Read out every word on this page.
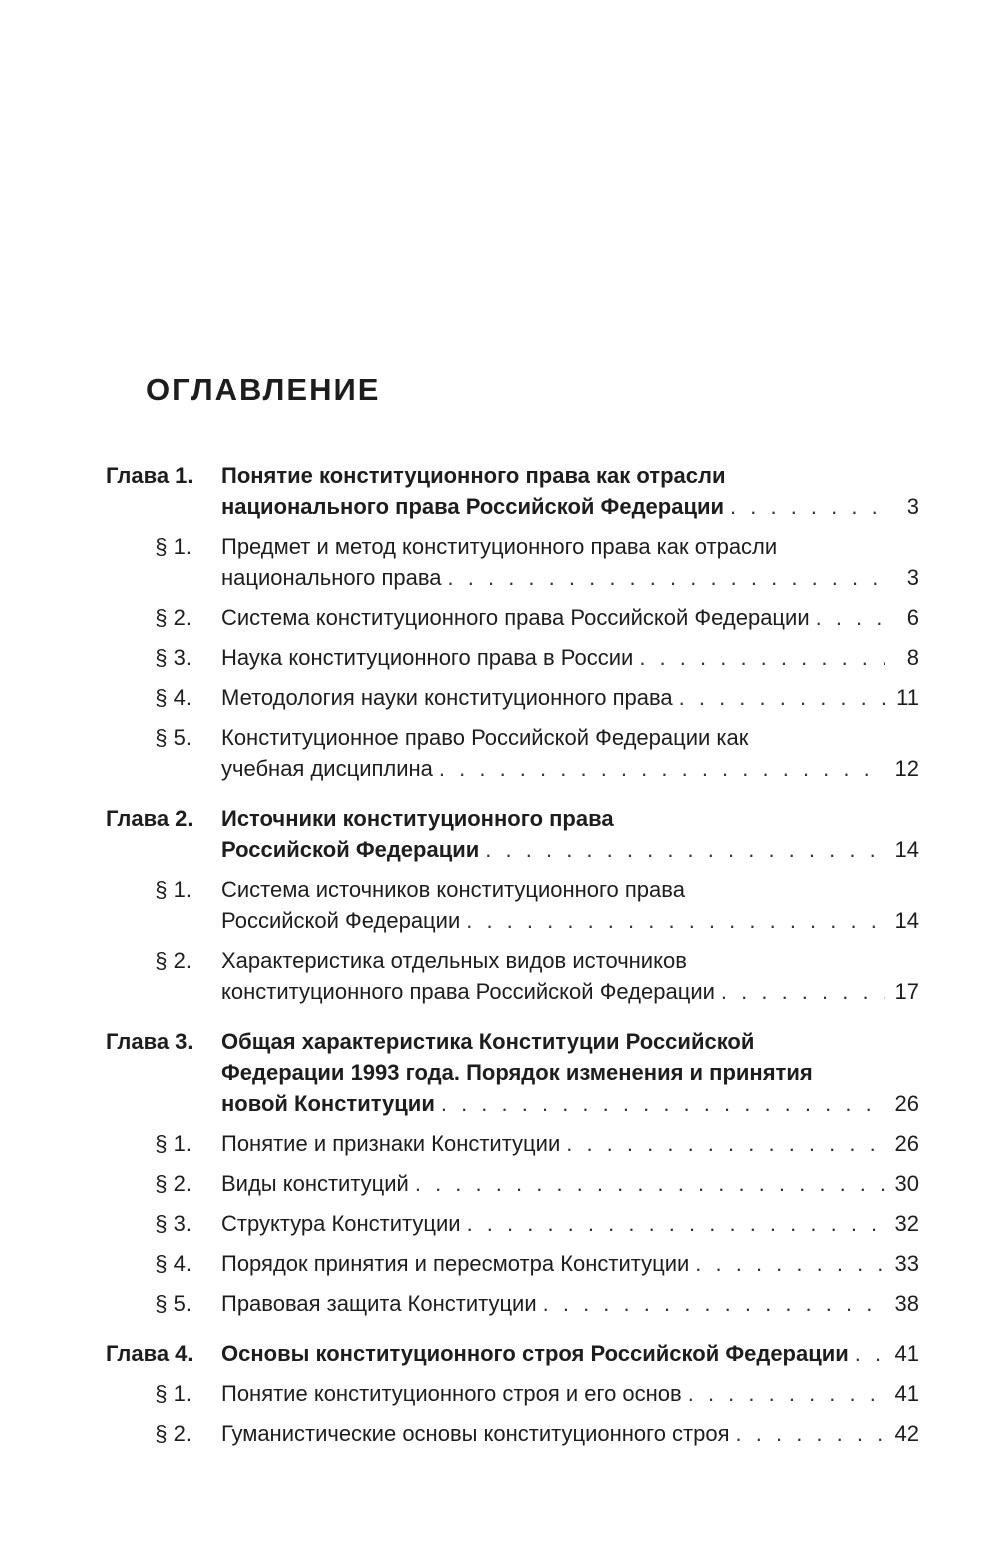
ОГЛАВЛЕНИЕ
Глава 1. Понятие конституционного права как отрасли
национального права Российской Федерации . . .	3
§ 1. Предмет и метод конституционного права как отрасли
национального права . . .	3
§ 2. Система конституционного права Российской Федерации . . .	6
§ 3. Наука конституционного права в России . . .	8
§ 4. Методология науки конституционного права . . .	11
§ 5. Конституционное право Российской Федерации как
учебная дисциплина . . .	12
Глава 2. Источники конституционного права
Российской Федерации . . .	14
§ 1. Система источников конституционного права
Российской Федерации . . .	14
§ 2. Характеристика отдельных видов источников
конституционного права Российской Федерации . . .	17
Глава 3. Общая характеристика Конституции Российской
Федерации 1993 года. Порядок изменения и принятия
новой Конституции . . .	26
§ 1. Понятие и признаки Конституции . . .	26
§ 2. Виды конституций . . .	30
§ 3. Структура Конституции . . .	32
§ 4. Порядок принятия и пересмотра Конституции . . .	33
§ 5. Правовая защита Конституции . . .	38
Глава 4. Основы конституционного строя Российской Федерации . . . 41
§ 1. Понятие конституционного строя и его основ . . .	41
§ 2. Гуманистические основы конституционного строя . . .	42
